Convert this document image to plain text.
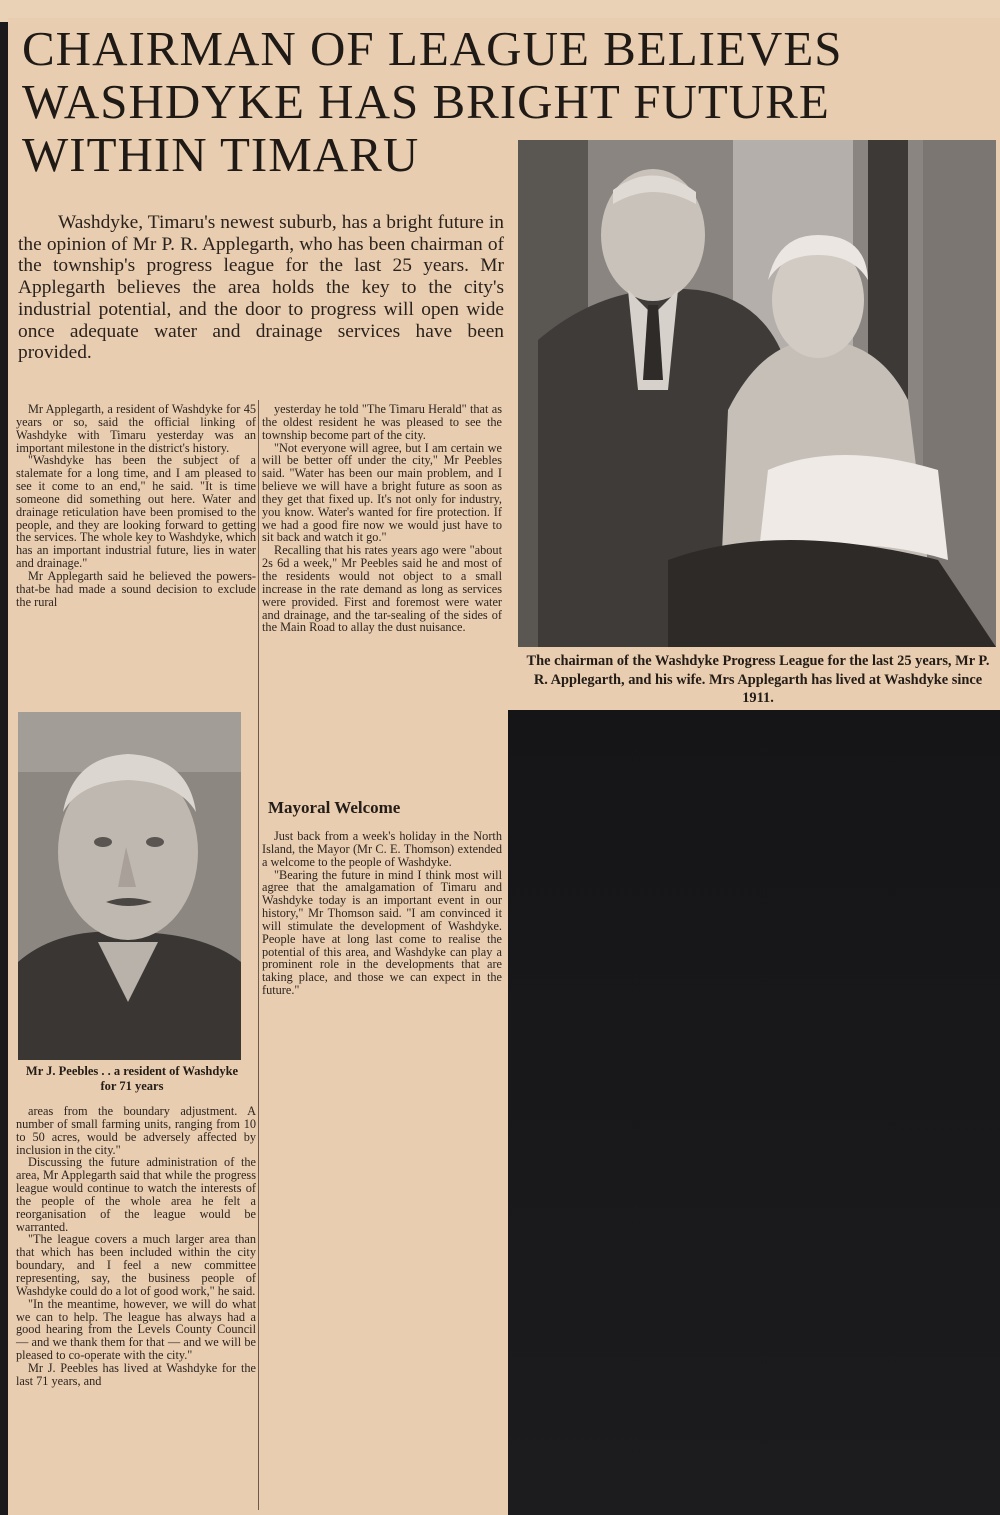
CHAIRMAN OF LEAGUE BELIEVES
WASHDYKE HAS BRIGHT FUTURE
WITHIN TIMARU

Washdyke, Timaru's newest suburb, has a bright future in the opinion of Mr P. R. Applegarth, who has been chairman of the township's progress league for the last 25 years. Mr Applegarth believes the area holds the key to the city's industrial potential, and the door to progress will open wide once adequate water and drainage services have been provided.

Mr Applegarth, a resident of Washdyke for 45 years or so, said the official linking of Washdyke with Timaru yesterday was an important milestone in the district's history.

"Washdyke has been the subject of a stalemate for a long time, and I am pleased to see it come to an end," he said. "It is time someone did something out here. Water and drainage reticulation have been promised to the people, and they are looking forward to getting the services. The whole key to Washdyke, which has an important industrial future, lies in water and drainage."

Mr Applegarth said he believed the powers-that-be had made a sound decision to exclude the rural

yesterday he told "The Timaru Herald" that as the oldest resident he was pleased to see the township become part of the city.

"Not everyone will agree, but I am certain we will be better off under the city," Mr Peebles said. "Water has been our main problem, and I believe we will have a bright future as soon as they get that fixed up. It's not only for industry, you know. Water's wanted for fire protection. If we had a good fire now we would just have to sit back and watch it go."

Recalling that his rates years ago were "about 2s 6d a week," Mr Peebles said he and most of the residents would not object to a small increase in the rate demand as long as services were provided. First and foremost were water and drainage, and the tar-sealing of the sides of the Main Road to allay the dust nuisance.

Mayoral Welcome

Just back from a week's holiday in the North Island, the Mayor (Mr C. E. Thomson) extended a welcome to the people of Washdyke.

"Bearing the future in mind I think most will agree that the amalgamation of Timaru and Washdyke today is an important event in our history," Mr Thomson said. "I am convinced it will stimulate the development of Washdyke. People have at long last come to realise the potential of this area, and Washdyke can play a prominent role in the developments that are taking place, and those we can expect in the future."

areas from the boundary adjustment. A number of small farming units, ranging from 10 to 50 acres, would be adversely affected by inclusion in the city."

Discussing the future administration of the area, Mr Applegarth said that while the progress league would continue to watch the interests of the people of the whole area he felt a reorganisation of the league would be warranted.

"The league covers a much larger area than that which has been included within the city boundary, and I feel a new committee representing, say, the business people of Washdyke could do a lot of good work," he said.

"In the meantime, however, we will do what we can to help. The league has always had a good hearing from the Levels County Council — and we thank them for that — and we will be pleased to co-operate with the city."

Mr J. Peebles has lived at Washdyke for the last 71 years, and

The chairman of the Washdyke Progress League for the last 25 years, Mr P. R. Applegarth, and his wife. Mrs Applegarth has lived at Washdyke since 1911.

Mr J. Peebles . . a resident of Washdyke for 71 years
